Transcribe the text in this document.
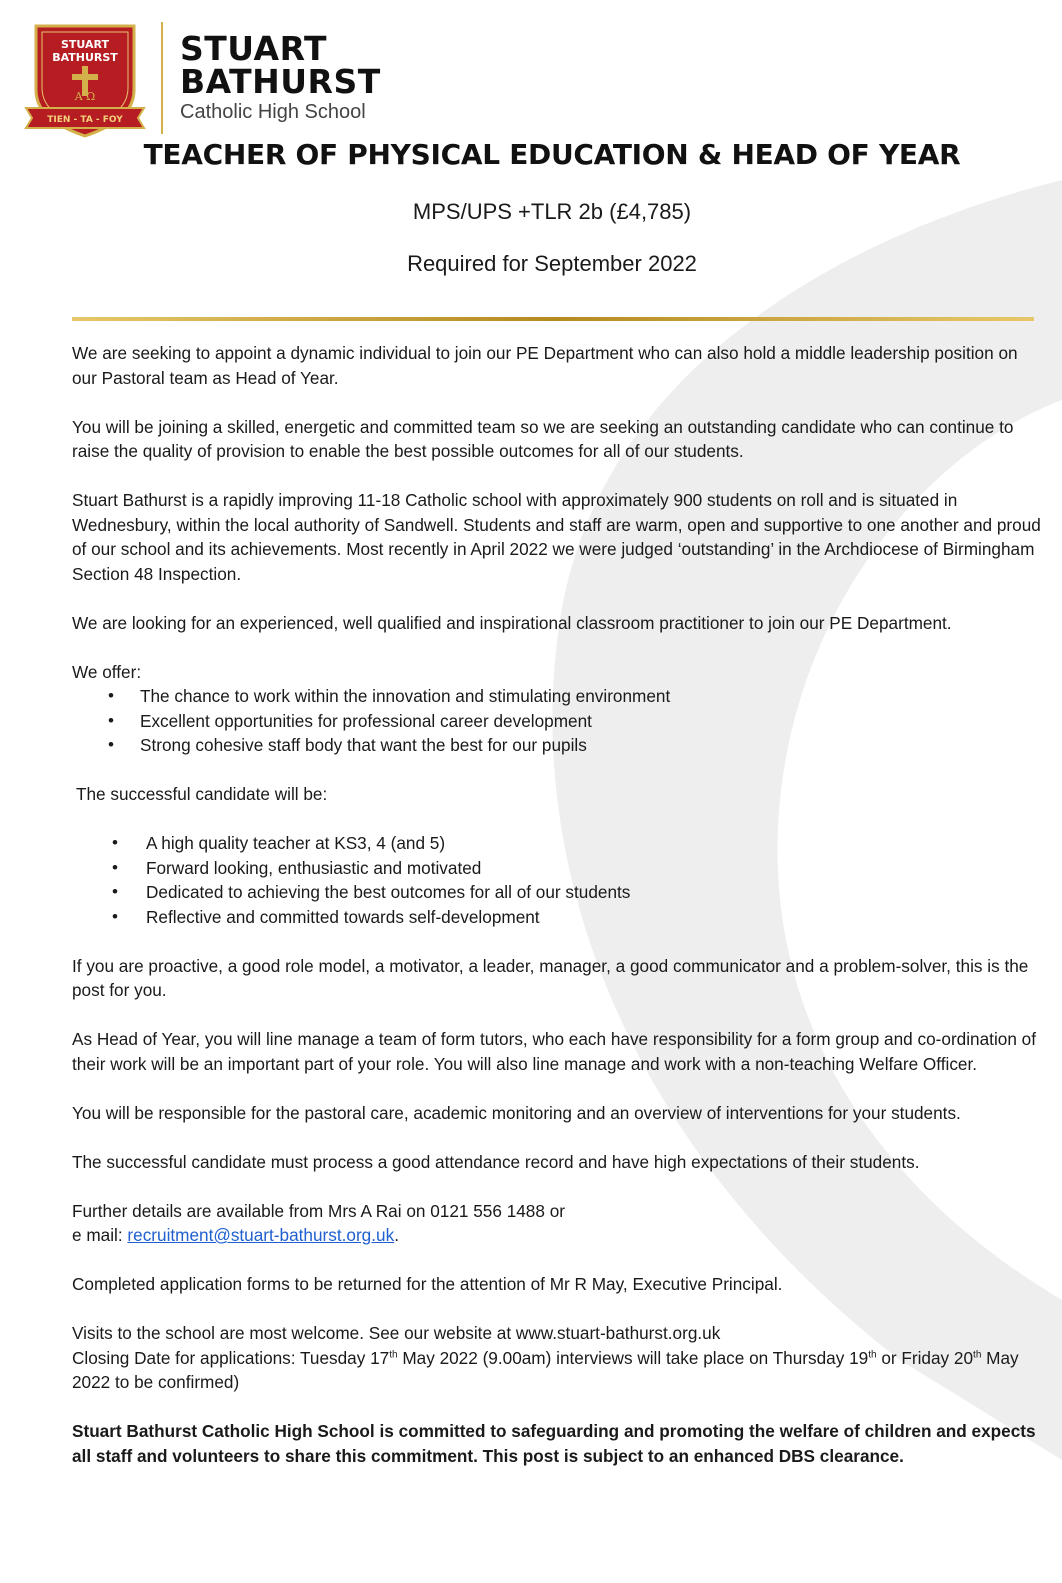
STUART
BATHURST
Α Ω
TIEN - TA - FOY
STUART
BATHURST

Catholic High School

TEACHER OF PHYSICAL EDUCATION & HEAD OF YEAR

MPS/UPS +TLR 2b (£4,785)

Required for September 2022

We are seeking to appoint a dynamic individual to join our PE Department who can also hold a middle leadership position on our Pastoral team as Head of Year.

You will be joining a skilled, energetic and committed team so we are seeking an outstanding candidate who can continue to raise the quality of provision to enable the best possible outcomes for all of our students.

Stuart Bathurst is a rapidly improving 11-18 Catholic school with approximately 900 students on roll and is situated in Wednesbury, within the local authority of Sandwell. Students and staff are warm, open and supportive to one another and proud of our school and its achievements. Most recently in April 2022 we were judged ‘outstanding’ in the Archdiocese of Birmingham Section 48 Inspection.

We are looking for an experienced, well qualified and inspirational classroom practitioner to join our PE Department.

We offer:
• The chance to work within the innovation and stimulating environment
• Excellent opportunities for professional career development
• Strong cohesive staff body that want the best for our pupils

The successful candidate will be:

• A high quality teacher at KS3, 4 (and 5)
• Forward looking, enthusiastic and motivated
• Dedicated to achieving the best outcomes for all of our students
• Reflective and committed towards self-development

If you are proactive, a good role model, a motivator, a leader, manager, a good communicator and a problem-solver, this is the post for you.

As Head of Year, you will line manage a team of form tutors, who each have responsibility for a form group and co-ordination of their work will be an important part of your role. You will also line manage and work with a non-teaching Welfare Officer.

You will be responsible for the pastoral care, academic monitoring and an overview of interventions for your students.

The successful candidate must process a good attendance record and have high expectations of their students.

Further details are available from Mrs A Rai on 0121 556 1488 or
e mail: recruitment@stuart-bathurst.org.uk.

Completed application forms to be returned for the attention of Mr R May, Executive Principal.

Visits to the school are most welcome. See our website at www.stuart-bathurst.org.uk
Closing Date for applications: Tuesday 17th May 2022 (9.00am) interviews will take place on Thursday 19th or Friday 20th May 2022 to be confirmed)

Stuart Bathurst Catholic High School is committed to safeguarding and promoting the welfare of children and expects all staff and volunteers to share this commitment. This post is subject to an enhanced DBS clearance.
